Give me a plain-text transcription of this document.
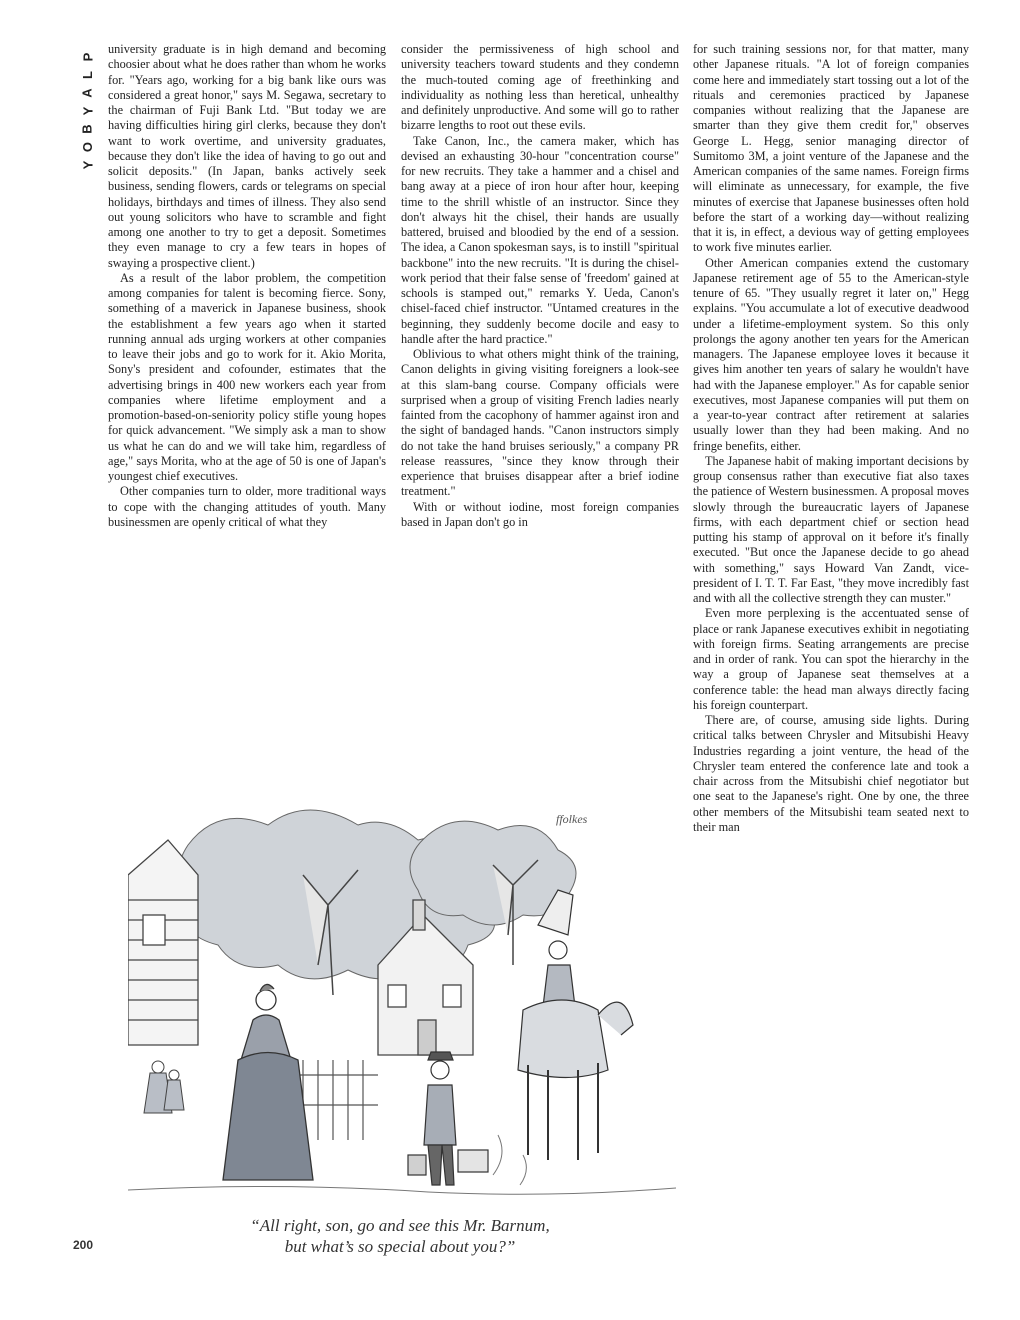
P
L
A
Y
B
O
Y

university graduate is in high demand and becoming choosier about what he does rather than whom he works for. "Years ago, working for a big bank like ours was considered a great honor," says M. Segawa, secretary to the chairman of Fuji Bank Ltd. "But today we are having difficulties hiring girl clerks, because they don't want to work overtime, and university graduates, because they don't like the idea of having to go out and solicit deposits." (In Japan, banks actively seek business, sending flowers, cards or telegrams on special holidays, birthdays and times of illness. They also send out young solicitors who have to scramble and fight among one another to try to get a deposit. Sometimes they even manage to cry a few tears in hopes of swaying a prospective client.)

As a result of the labor problem, the competition among companies for talent is becoming fierce. Sony, something of a maverick in Japanese business, shook the establishment a few years ago when it started running annual ads urging workers at other companies to leave their jobs and go to work for it. Akio Morita, Sony's president and cofounder, estimates that the advertising brings in 400 new workers each year from companies where lifetime employment and a promotion-based-on-seniority policy stifle young hopes for quick advancement. "We simply ask a man to show us what he can do and we will take him, regardless of age," says Morita, who at the age of 50 is one of Japan's youngest chief executives.

Other companies turn to older, more traditional ways to cope with the changing attitudes of youth. Many businessmen are openly critical of what they

consider the permissiveness of high school and university teachers toward students and they condemn the much-touted coming age of freethinking and individuality as nothing less than heretical, unhealthy and definitely unproductive. And some will go to rather bizarre lengths to root out these evils.

Take Canon, Inc., the camera maker, which has devised an exhausting 30-hour "concentration course" for new recruits. They take a hammer and a chisel and bang away at a piece of iron hour after hour, keeping time to the shrill whistle of an instructor. Since they don't always hit the chisel, their hands are usually battered, bruised and bloodied by the end of a session. The idea, a Canon spokesman says, is to instill "spiritual backbone" into the new recruits. "It is during the chisel-work period that their false sense of 'freedom' gained at schools is stamped out," remarks Y. Ueda, Canon's chisel-faced chief instructor. "Untamed creatures in the beginning, they suddenly become docile and easy to handle after the hard practice."

Oblivious to what others might think of the training, Canon delights in giving visiting foreigners a look-see at this slam-bang course. Company officials were surprised when a group of visiting French ladies nearly fainted from the cacophony of hammer against iron and the sight of bandaged hands. "Canon instructors simply do not take the hand bruises seriously," a company PR release reassures, "since they know through their experience that bruises disappear after a brief iodine treatment."

With or without iodine, most foreign companies based in Japan don't go in

for such training sessions nor, for that matter, many other Japanese rituals. "A lot of foreign companies come here and immediately start tossing out a lot of the rituals and ceremonies practiced by Japanese companies without realizing that the Japanese are smarter than they give them credit for," observes George L. Hegg, senior managing director of Sumitomo 3M, a joint venture of the Japanese and the American companies of the same names. Foreign firms will eliminate as unnecessary, for example, the five minutes of exercise that Japanese businesses often hold before the start of a working day—without realizing that it is, in effect, a devious way of getting employees to work five minutes earlier.

Other American companies extend the customary Japanese retirement age of 55 to the American-style tenure of 65. "They usually regret it later on," Hegg explains. "You accumulate a lot of executive deadwood under a lifetime-employment system. So this only prolongs the agony another ten years for the American managers. The Japanese employee loves it because it gives him another ten years of salary he wouldn't have had with the Japanese employer." As for capable senior executives, most Japanese companies will put them on a year-to-year contract after retirement at salaries usually lower than they had been making. And no fringe benefits, either.

The Japanese habit of making important decisions by group consensus rather than executive fiat also taxes the patience of Western businessmen. A proposal moves slowly through the bureaucratic layers of Japanese firms, with each department chief or section head putting his stamp of approval on it before it's finally executed. "But once the Japanese decide to go ahead with something," says Howard Van Zandt, vice-president of I. T. T. Far East, "they move incredibly fast and with all the collective strength they can muster."

Even more perplexing is the accentuated sense of place or rank Japanese executives exhibit in negotiating with foreign firms. Seating arrangements are precise and in order of rank. You can spot the hierarchy in the way a group of Japanese seat themselves at a conference table: the head man always directly facing his foreign counterpart.

There are, of course, amusing side lights. During critical talks between Chrysler and Mitsubishi Heavy Industries regarding a joint venture, the head of the Chrysler team entered the conference late and took a chair across from the Mitsubishi chief negotiator but one seat to the Japanese's right. One by one, the three other members of the Mitsubishi team seated next to their man

ffolkes
“All right, son, go and see this Mr. Barnum,
but what’s so special about you?”
200
